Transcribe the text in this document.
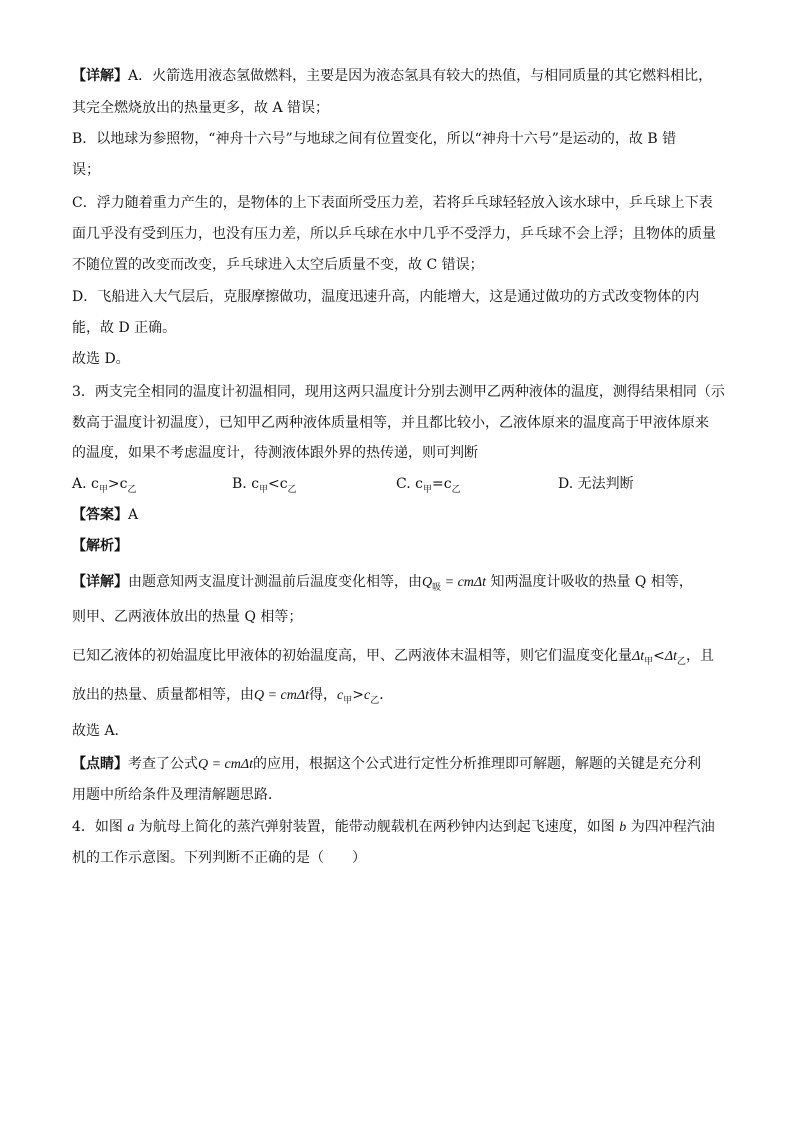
【详解】A．火箭选用液态氢做燃料，主要是因为液态氢具有较大的热值，与相同质量的其它燃料相比，
其完全燃烧放出的热量更多，故 A 错误；
B．以地球为参照物，“神舟十六号”与地球之间有位置变化，所以“神舟十六号”是运动的，故 B 错
误；
C．浮力随着重力产生的，是物体的上下表面所受压力差，若将乒乓球轻轻放入该水球中，乒乓球上下表
面几乎没有受到压力，也没有压力差，所以乒乓球在水中几乎不受浮力，乒乓球不会上浮；且物体的质量
不随位置的改变而改变，乒乓球进入太空后质量不变，故 C 错误；
D．飞船进入大气层后，克服摩擦做功，温度迅速升高，内能增大，这是通过做功的方式改变物体的内
能，故 D 正确。
故选 D。
3．两支完全相同的温度计初温相同，现用这两只温度计分别去测甲乙两种液体的温度，测得结果相同（示
数高于温度计初温度），已知甲乙两种液体质量相等，并且都比较小，乙液体原来的温度高于甲液体原来
的温度，如果不考虑温度计，待测液体跟外界的热传递，则可判断
A. $c_甲>c_乙$	B. $c_甲<c_乙$	C. $c_甲=c_乙$	D. 无法判断
【答案】A
【解析】
【详解】由题意知两支温度计测温前后温度变化相等，由$Q_吸 = cm\Delta t$ 知两温度计吸收的热量 Q 相等，
则甲、乙两液体放出的热量 Q 相等；
已知乙液体的初始温度比甲液体的初始温度高，甲、乙两液体末温相等，则它们温度变化量$\Delta t_甲<\Delta t_乙$，且
放出的热量、质量都相等，由Q = cmΔt得，$c_甲>c_乙$．
故选 A．
【点睛】考查了公式Q = cmΔt的应用，根据这个公式进行定性分析推理即可解题，解题的关键是充分利
用题中所给条件及理清解题思路．
4．如图 a 为航母上简化的蒸汽弹射装置，能带动舰载机在两秒钟内达到起飞速度，如图 b 为四冲程汽油
机的工作示意图。下列判断不正确的是（　　）
